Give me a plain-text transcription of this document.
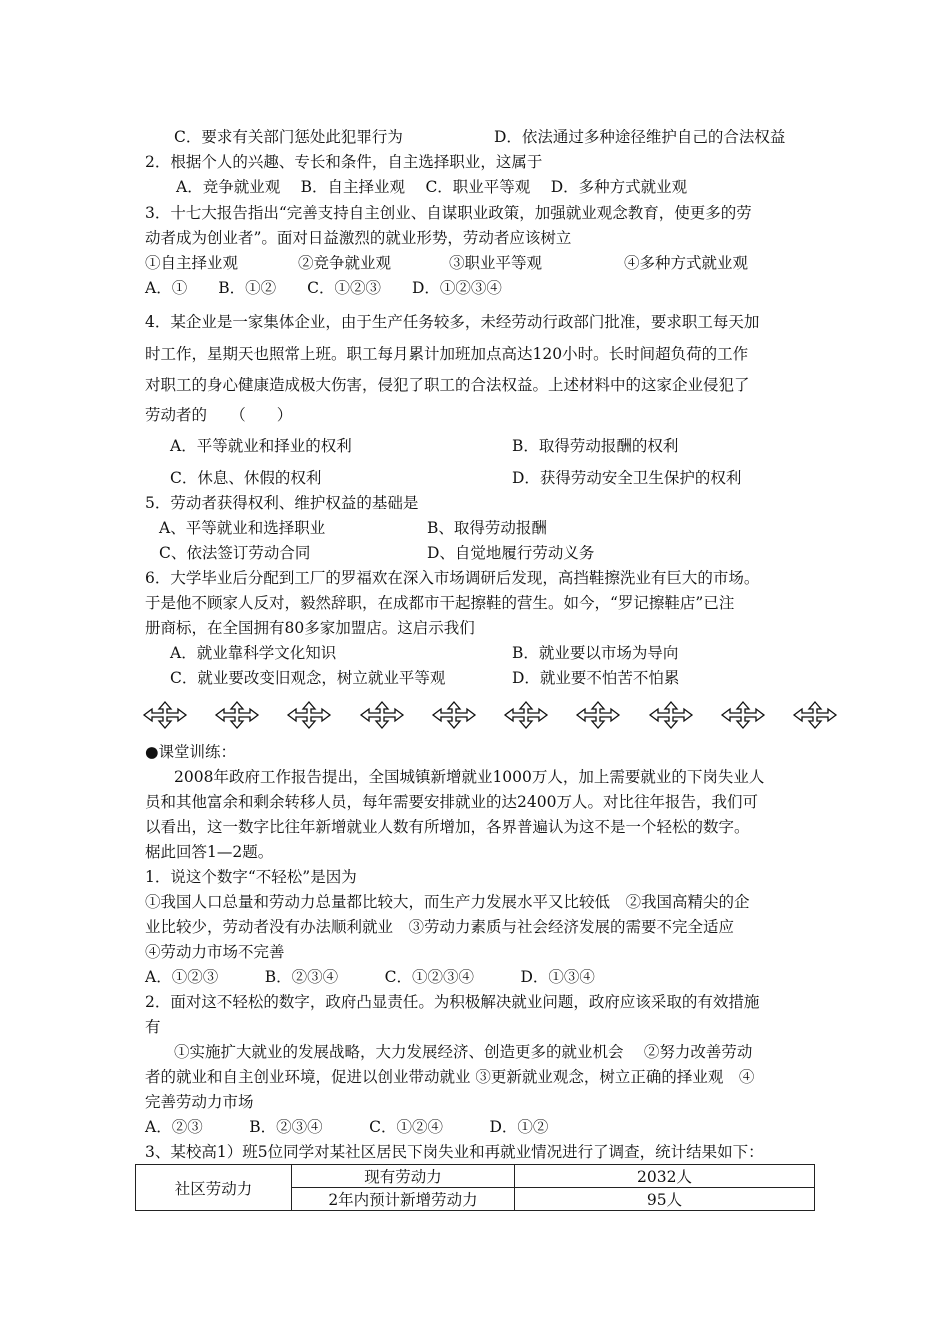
C．要求有关部门惩处此犯罪行为	D．依法通过多种途径维护自己的合法权益
2．根据个人的兴趣、专长和条件，自主选择职业，这属于
A．竞争就业观　 B．自主择业观　 C．职业平等观　 D．多种方式就业观
3．十七大报告指出“完善支持自主创业、自谋职业政策，加强就业观念教育，使更多的劳
动者成为创业者”。面对日益激烈的就业形势，劳动者应该树立
①自主择业观	②竞争就业观	③职业平等观	④多种方式就业观
A．①　　B．①②　　C．①②③　　D．①②③④
4．某企业是一家集体企业，由于生产任务较多，未经劳动行政部门批准，要求职工每天加
时工作，星期天也照常上班。职工每月累计加班加点高达120小时。长时间超负荷的工作
对职工的身心健康造成极大伤害，侵犯了职工的合法权益。上述材料中的这家企业侵犯了
劳动者的　　（　　）
A．平等就业和择业的权利	B．取得劳动报酬的权利
C．休息、休假的权利	D．获得劳动安全卫生保护的权利
5．劳动者获得权利、维护权益的基础是
A、平等就业和选择职业	B、取得劳动报酬
C、依法签订劳动合同	D、自觉地履行劳动义务
6．大学毕业后分配到工厂的罗福欢在深入市场调研后发现，高挡鞋擦洗业有巨大的市场。
于是他不顾家人反对，毅然辞职，在成都市干起擦鞋的营生。如今，“罗记擦鞋店”已注
册商标，在全国拥有80多家加盟店。这启示我们
A．就业靠科学文化知识	B．就业要以市场为导向
C．就业要改变旧观念，树立就业平等观	D．就业要不怕苦不怕累
●课堂训练：
2008年政府工作报告提出，全国城镇新增就业1000万人，加上需要就业的下岗失业人
员和其他富余和剩余转移人员，每年需要安排就业的达2400万人。对比往年报告，我们可
以看出，这一数字比往年新增就业人数有所增加，各界普遍认为这不是一个轻松的数字。
椐此回答1—2题。
1．说这个数字“不轻松”是因为
①我国人口总量和劳动力总量都比较大，而生产力发展水平又比较低　②我国高精尖的企
业比较少，劳动者没有办法顺利就业　③劳动力素质与社会经济发展的需要不完全适应
④劳动力市场不完善
A．①②③　　　B．②③④　　　C．①②③④　　　D．①③④
2．面对这不轻松的数字，政府凸显责任。为积极解决就业问题，政府应该采取的有效措施
有
①实施扩大就业的发展战略，大力发展经济、创造更多的就业机会　 ②努力改善劳动
者的就业和自主创业环境，促进以创业带动就业 ③更新就业观念，树立正确的择业观　④
完善劳动力市场
A．②③　　　B．②③④　　　C．①②④　　　D．①②
3、某校高1）班5位同学对某社区居民下岗失业和再就业情况进行了调查，统计结果如下：
社区劳动力	现有劳动力	2032人
	2年内预计新增劳动力	95人
